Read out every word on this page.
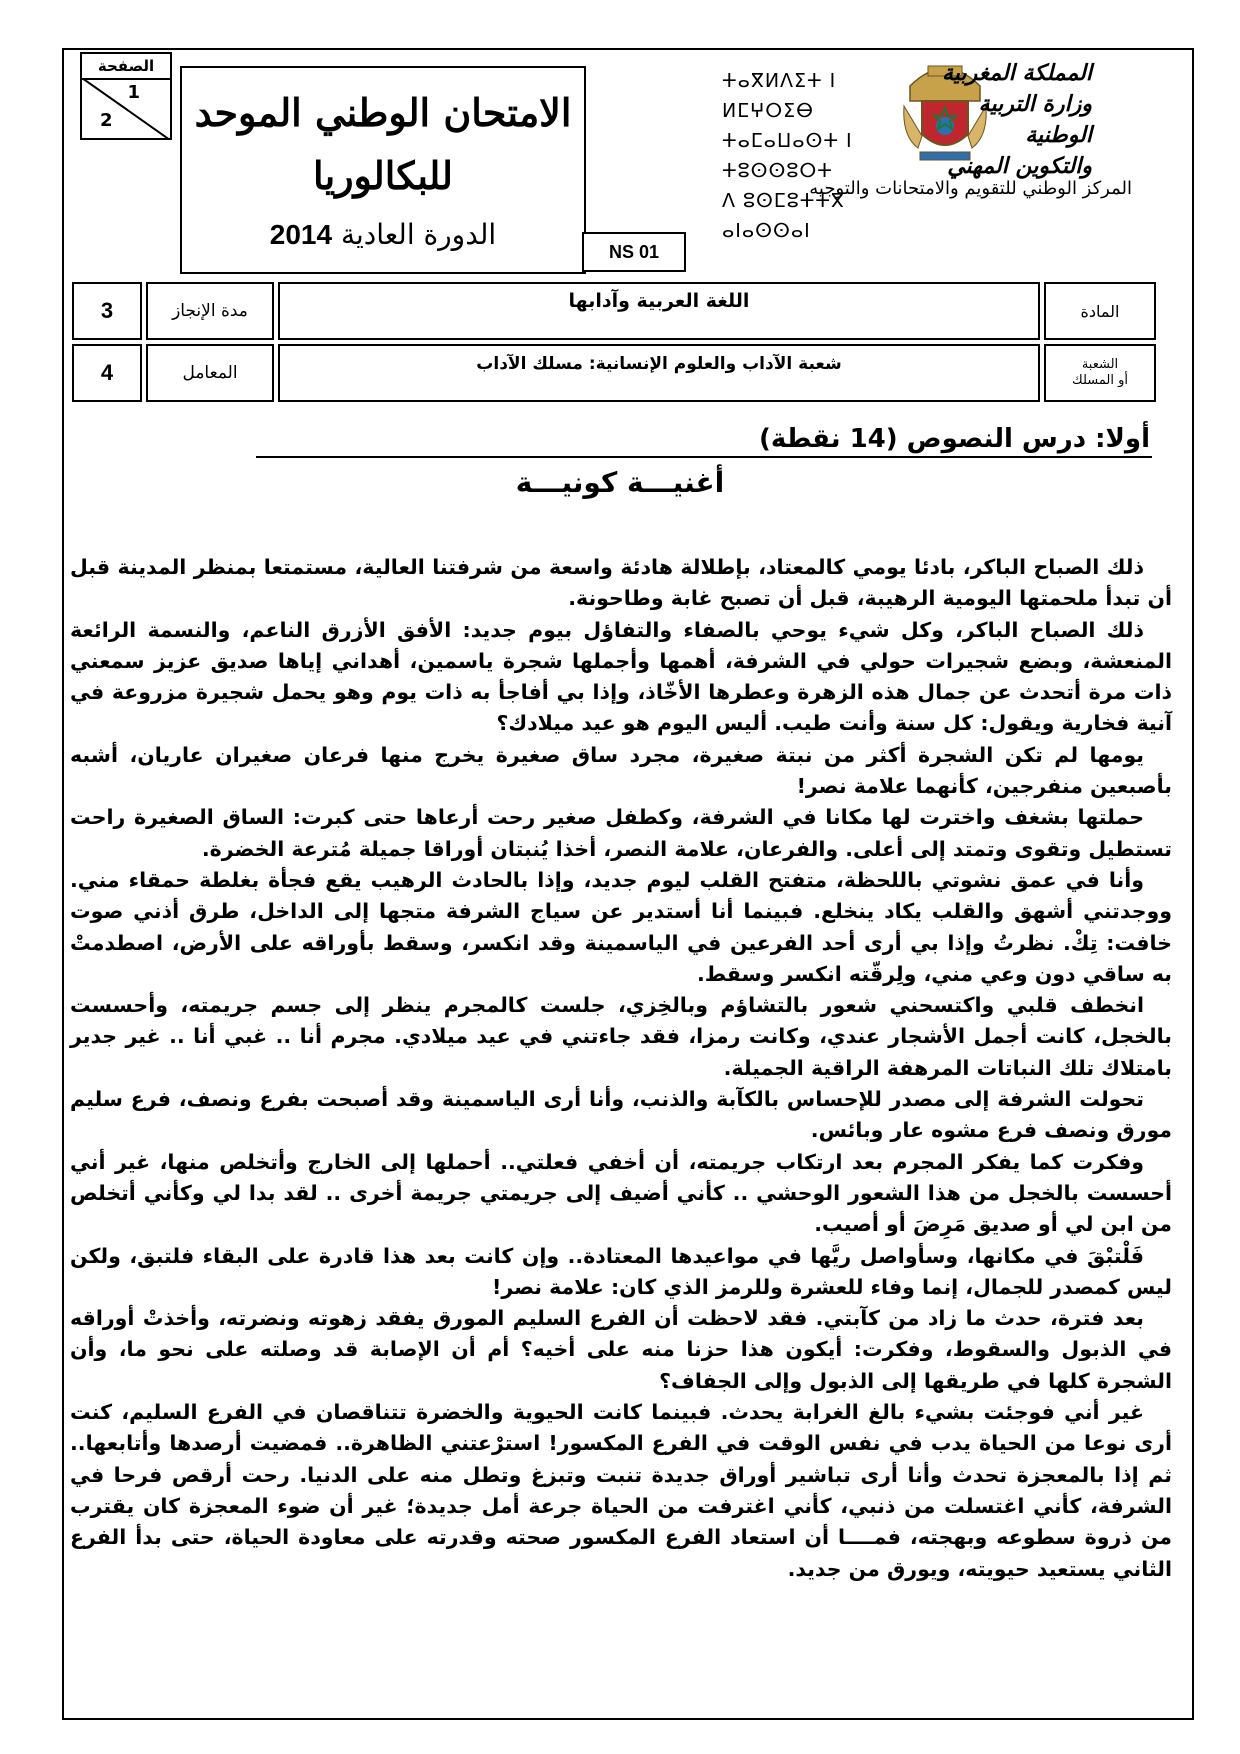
الصفحة
1
2	الامتحان الوطني الموحد
للبكالوريا
الدورة العادية 2014
NS 01
ⵜⴰⴳⵍⴷⵉⵜ ⵏ ⵍⵎⵖⵔⵉⴱ
ⵜⴰⵎⴰⵡⴰⵙⵜ ⵏ ⵜⵓⵙⵙⵓⵔⵜ
ⴷ ⵓⵙⵎⵓⵜⵜⴳ ⴰⵏⴰⵙⵙⴰⵏ
المملكة المغربية
وزارة التربية الوطنية
والتكوين المهني
المركز الوطني للتقويم والامتحانات والتوجيه
3	مدة الإنجاز	اللغة العربية وآدابها	المادة
4	المعامل	شعبة الآداب والعلوم الإنسانية: مسلك الآداب	الشعبة
أو المسلك
أولا: درس النصوص (14 نقطة)
أغنيـــة كونيـــة

ذلك الصباح الباكر، بادئا يومي كالمعتاد، بإطلالة هادئة واسعة من شرفتنا العالية، مستمتعا بمنظر المدينة قبل أن تبدأ ملحمتها اليومية الرهيبة، قبل أن تصبح غابة وطاحونة.

ذلك الصباح الباكر، وكل شيء يوحي بالصفاء والتفاؤل بيوم جديد: الأفق الأزرق الناعم، والنسمة الرائعة المنعشة، وبضع شجيرات حولي في الشرفة، أهمها وأجملها شجرة ياسمين، أهداني إياها صديق عزيز سمعني ذات مرة أتحدث عن جمال هذه الزهرة وعطرها الأخّاذ، وإذا بي أفاجأ به ذات يوم وهو يحمل شجيرة مزروعة في آنية فخارية ويقول: كل سنة وأنت طيب. أليس اليوم هو عيد ميلادك؟

يومها لم تكن الشجرة أكثر من نبتة صغيرة، مجرد ساق صغيرة يخرج منها فرعان صغيران عاريان، أشبه بأصبعين منفرجين، كأنهما علامة نصر!

حملتها بشغف واخترت لها مكانا في الشرفة، وكطفل صغير رحت أرعاها حتى كبرت: الساق الصغيرة راحت تستطيل وتقوى وتمتد إلى أعلى. والفرعان، علامة النصر، أخذا يُنبتان أوراقا جميلة مُترعة الخضرة.

وأنا في عمق نشوتي باللحظة، متفتح القلب ليوم جديد، وإذا بالحادث الرهيب يقع فجأة بغلطة حمقاء مني. ووجدتني أشهق والقلب يكاد ينخلع. فبينما أنا أستدير عن سياج الشرفة متجها إلى الداخل، طرق أذني صوت خافت: تِكْ. نظرتُ وإذا بي أرى أحد الفرعين في الياسمينة وقد انكسر، وسقط بأوراقه على الأرض، اصطدمتْ به ساقي دون وعي مني، ولِرقّته انكسر وسقط.

انخطف قلبي واكتسحني شعور بالتشاؤم وبالخِزي، جلست كالمجرم ينظر إلى جسم جريمته، وأحسست بالخجل، كانت أجمل الأشجار عندي، وكانت رمزا، فقد جاءتني في عيد ميلادي. مجرم أنا .. غبي أنا .. غير جدير بامتلاك تلك النباتات المرهفة الراقية الجميلة.

تحولت الشرفة إلى مصدر للإحساس بالكآبة والذنب، وأنا أرى الياسمينة وقد أصبحت بفرع ونصف، فرع سليم مورق ونصف فرع مشوه عار وبائس.

وفكرت كما يفكر المجرم بعد ارتكاب جريمته، أن أخفي فعلتي.. أحملها إلى الخارج وأتخلص منها، غير أني أحسست بالخجل من هذا الشعور الوحشي .. كأني أضيف إلى جريمتي جريمة أخرى .. لقد بدا لي وكأني أتخلص من ابن لي أو صديق مَرِضَ أو أصيب.

فَلْتبْقَ في مكانها، وسأواصل ريَّها في مواعيدها المعتادة.. وإن كانت بعد هذا قادرة على البقاء فلتبق، ولكن ليس كمصدر للجمال، إنما وفاء للعشرة وللرمز الذي كان: علامة نصر!

بعد فترة، حدث ما زاد من كآبتي. فقد لاحظت أن الفرع السليم المورق يفقد زهوته ونضرته، وأخذتْ أوراقه في الذبول والسقوط، وفكرت: أيكون هذا حزنا منه على أخيه؟ أم أن الإصابة قد وصلته على نحو ما، وأن الشجرة كلها في طريقها إلى الذبول وإلى الجفاف؟

غير أني فوجئت بشيء بالغ الغرابة يحدث. فبينما كانت الحيوية والخضرة تتناقصان في الفرع السليم، كنت أرى نوعا من الحياة يدب في نفس الوقت في الفرع المكسور! استرْعتني الظاهرة.. فمضيت أرصدها وأتابعها.. ثم إذا بالمعجزة تحدث وأنا أرى تباشير أوراق جديدة تنبت وتبزغ وتطل منه على الدنيا. رحت أرقص فرحا في الشرفة، كأني اغتسلت من ذنبي، كأني اغترفت من الحياة جرعة أمل جديدة؛ غير أن ضوء المعجزة كان يقترب من ذروة سطوعه وبهجته، فمــــا أن استعاد الفرع المكسور صحته وقدرته على معاودة الحياة، حتى بدأ الفرع الثاني يستعيد حيويته، ويورق من جديد.
